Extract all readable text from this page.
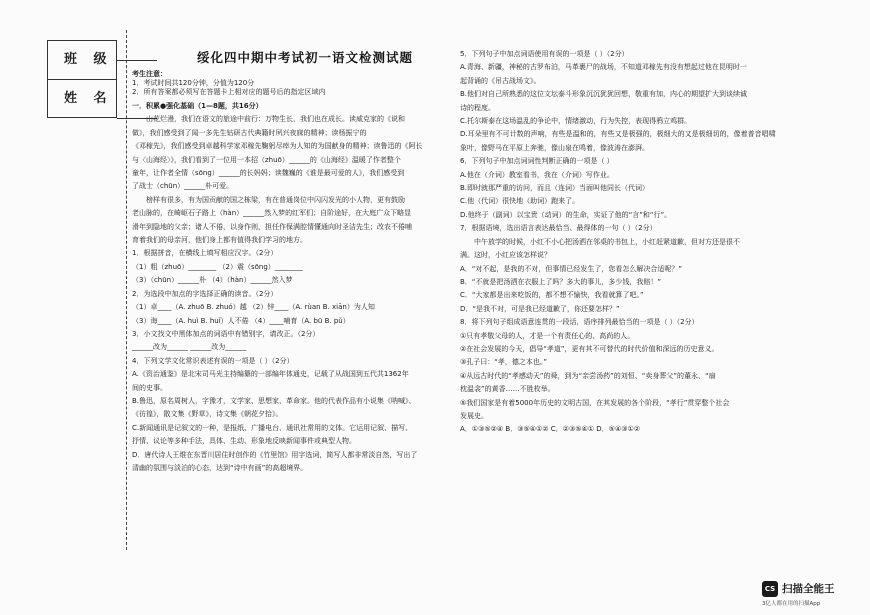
班 级
姓 名
绥化四中期中考试初一语文检测试题

考生注意：

1．考试时间共120分钟，分值为120分

2．所有答案都必须写在答题卡上相对应的题号后的指定区域内

一．积累●强化基础（1—8题，共16分）

山花烂漫，我们在语文的旅途中前行：万物生长，我们也在成长。读威克家的《说和

做》，我们感受到了闻一多先生钻研古代典籍时夙兴夜寐的精神；读杨振宁的

《邓稼先》，我们感受到卓越科学家邓稼先鞠躬尽瘁为人知的为国献身的精神；读鲁迅的《阿长

与〈山海经〉》，我们看到了一位用一本招（zhuō）______的《山海经》温暖了作者整个

童年，让作者全情（sōng）______的长妈妈；读魏巍的《谁是最可爱的人》，我们感受到

了战士（chūn）______朴可爱。

榜样有很多，有为国贡献的国之栋梁，有在普通岗位中闪闪发光的小人物，更有鼓励

老山脉的，在崎岖石子路上（hàn）______然入梦的红军们；自阶途好，在大庭广众下略显

滑年到隐地的父亲；诸人不倦，以身作则，担任作保满腔情懂通向时圣洁先生；改农不倦哺

育着我们的母亲河，他们身上都有值得我们学习的地方。

1．根据拼音，在横线上填写相应汉字。（2分）

（1）粗（zhuō）________ （2）震（sōng）________

（3）（chūn）______朴 （4）（hàn）______然入梦

2．为选段中加点的字选择正确的读音。（2分）

（1）卓____（A. zhuō B. zhuó）越 （2）锌____（A. rùan B. xiān）为人知

（3）诲____（A. huì B. huǐ）人不倦 （4）____哺育（A. bū B. pǔ）

3．小文找文中黑体加点的词语中有错别字，请改正。（2分）

______改为______ ______改为______

4．下列文学文化常识表述有误的一项是（ ）（2分）

A.《资治通鉴》是北宋司马光主持编纂的一部编年体通史，记载了从战国到五代共1362年

间的史事。

B.鲁迅，原名周树人，字豫才，文学家、思想家、革命家。他的代表作品有小说集《呐喊》、

《彷徨》，散文集《野草》，诗文集《朝花夕拾》。

C.新闻通讯是记叙文的一种，是报纸、广播电台、通讯社常用的文体。它运用记叙、描写、

抒情、议论等多种手法，具体、生动、形象地反映新闻事件或典型人物。

D．唐代诗人王维在东晋川居住时创作的《竹里馆》用字选词，简写人都非常淡自然，写出了

清幽的氛围与淡泊的心态，达到“诗中有画”的高超境界。

5．下列句子中加点词语使用有误的一项是（ ）（2分）

A.青海、新疆，神秘的古罗布泊，马革裹尸的战场，不知道邓稼先有没有想起过他在昆明时一

起背诵的《吊古战场文》。

B.他们对自己所熟悉的这位文坛泰斗形象沉沉犹犹回想，敬重有加，内心的期望扩大到谈续诚

诗的程度。

C.托尔斯泰在这场温乱的争论中，情绪激动，行为失控，表现得鸦立鸡群。

D.耳朵里有不可计数的声响，有些是温和的，有些又是极强的，极细大的又是极细切的，像着普音唱啸

象叶，像野马在平原上奔驰，像山泉在鸣着，像波涛在澎湃。

6．下列句子中加点词词性判断正确的一项是（ ）

A.他在（介词）教室看书，我在（介词）写作业。

B.即时就那严重的访问，而且（连词）当面叫他同长（代词）

C.他（代词）很快地（助词）跑来了。

D.他终于（副词）以宝贵（动词）的生命，实证了他的“言”和“行”。

7．根据语境，选出语言表达最恰当、最得体的一句（ ）（2分）

中午放学的时候，小红不小心把汤洒在邻桌的书包上，小红赶紧道歉，但对方还是很不

满。这时，小红应该怎样说？

A．“对不起，是我的不对，但事情已经发生了，您看怎么解决合适呢？”

B．“不就是把汤洒在衣服上了吗？多大的事儿，多少钱，我赔！”

C．“大家都是出来吃饭的，都不想不愉快，我看就算了吧。”

D．“是我不对，可是我已经道歉了，你还要怎样？”

8．将下列句子组成语意连贯的一段话，语序排列最恰当的一项是（ ）（2分）

①只有孝敬父母的人，才是一个有责任心的、高尚的人。

②在社会发展的今天，倡导“孝道”，更有其不可替代的时代价值和深远的历史意义。

③孔子曰：“孝，德之本也。”

④从远古时代的“孝感动天”的舜，到为“亲尝汤药”的刘恒、“卖身葬父”的董永、“扇

枕温衾”的黄香……不胜枚举。

⑤我们国家是有着5000年历史的文明古国，在其发展的各个阶段，“孝行”贯穿整个社会

发展史。

A．①③⑤②④ B．③⑤④①② C．②③⑤④① D．⑤④③①②

CS 扫描全能王
3亿人都在用的扫描App
